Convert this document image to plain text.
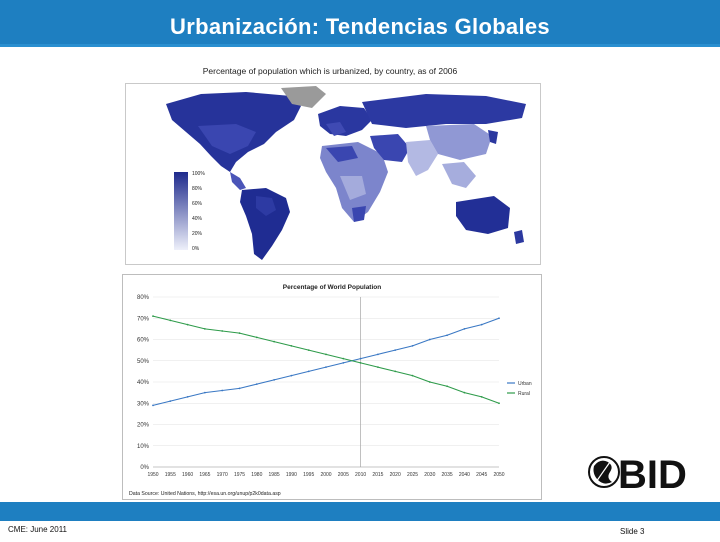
Urbanización: Tendencias Globales
Percentage of population which is urbanized, by country, as of 2006
100%
80%
60%
40%
20%
0%
Percentage of World Population
80%
70%
60%
50%
40%
30%
20%
10%
0%
1950 1955 1960 1965 1970 1975 1980 1985 1990 1995 2000 2005 2010 2015 2020 2025 2030 2035 2040 2045 2050
Urban
Rural
Data Source: United Nations, http://esa.un.org/unup/p2k0data.asp	BID
CME: June 2011	Slide 3
